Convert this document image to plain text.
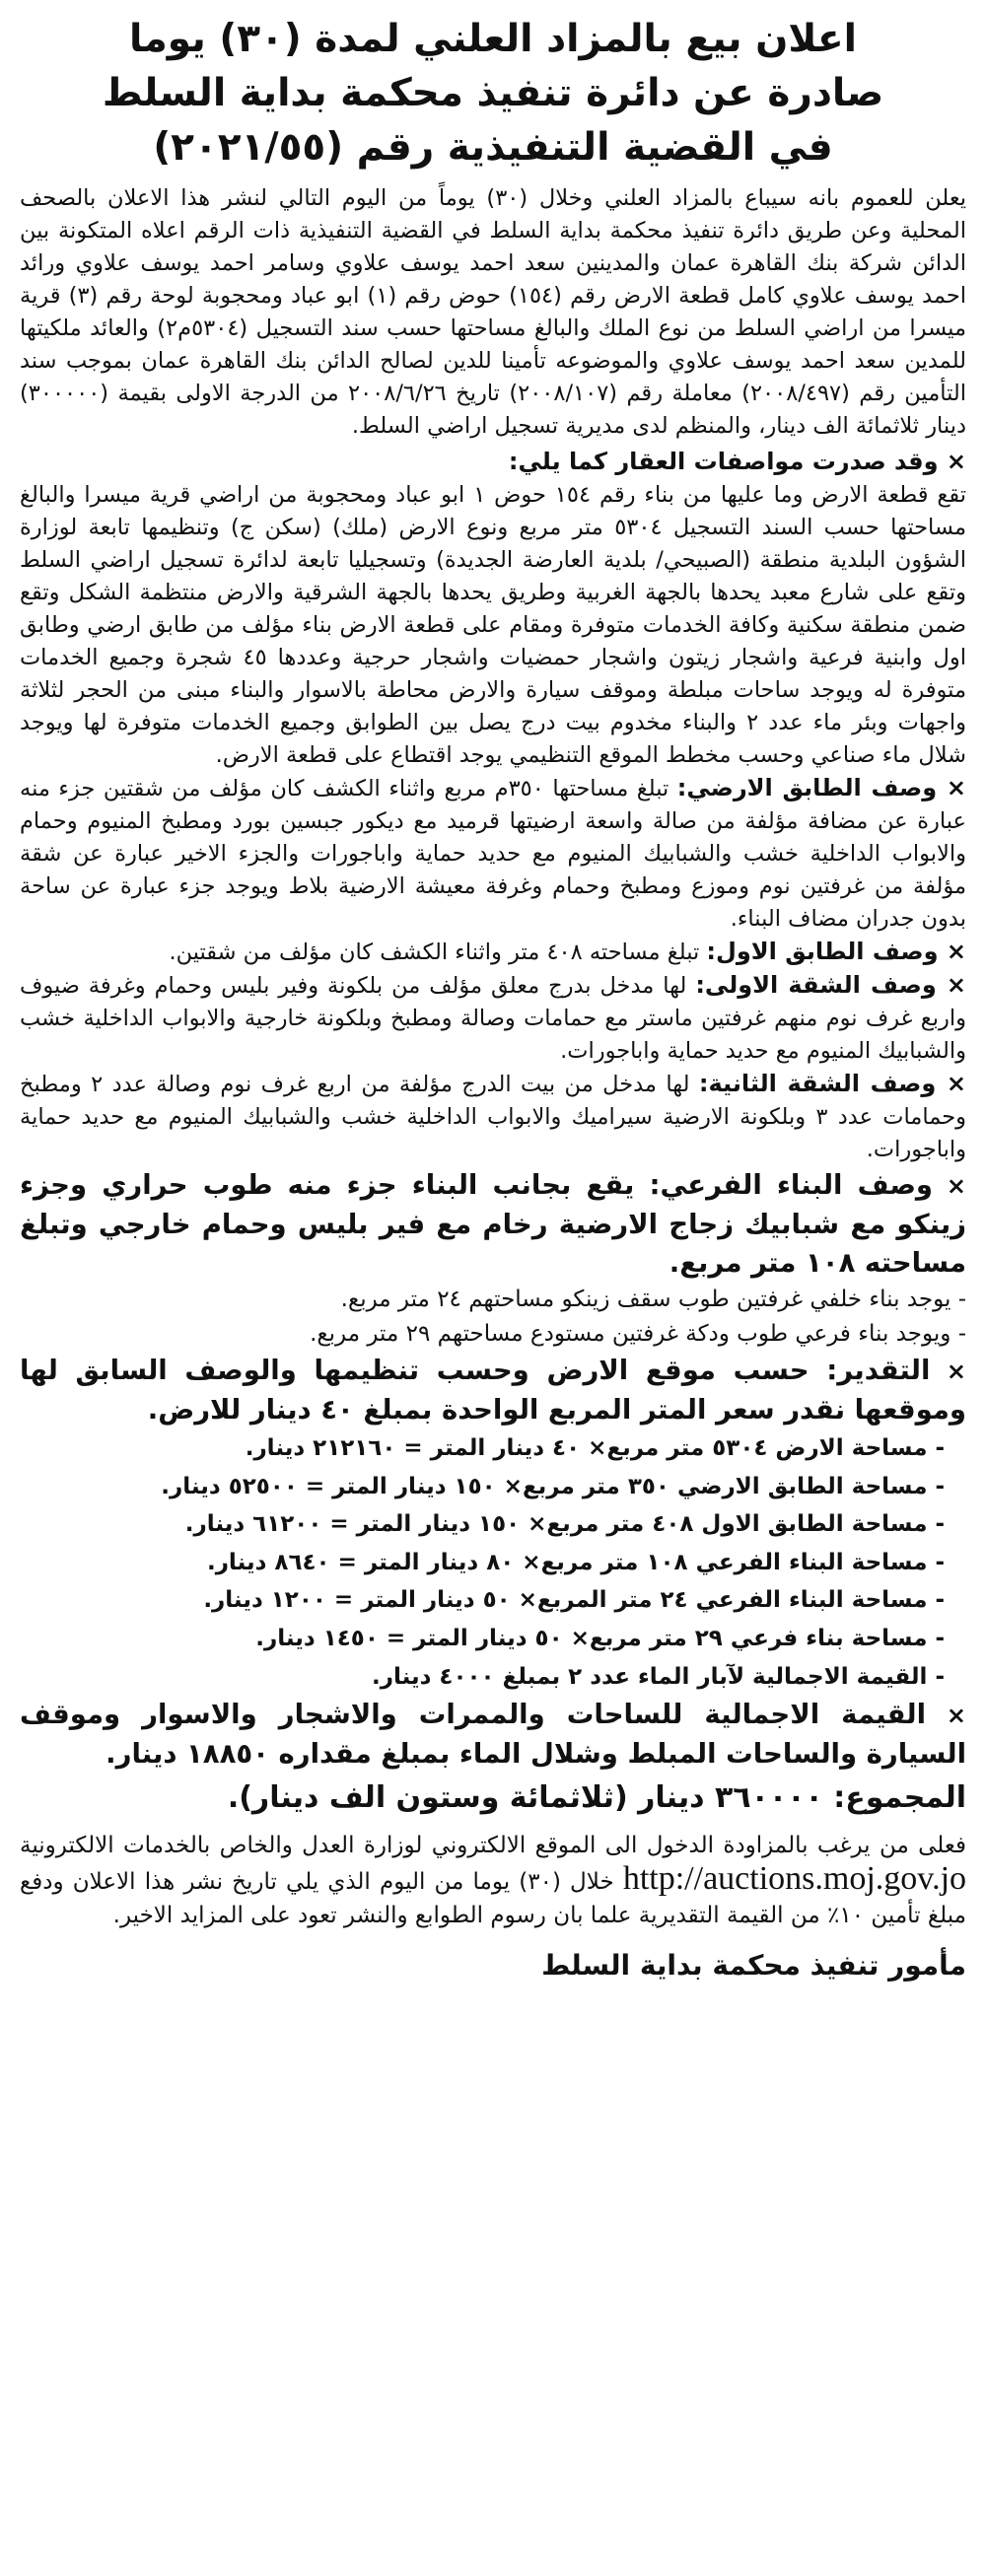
اعلان بيع بالمزاد العلني لمدة (٣٠) يوما
صادرة عن دائرة تنفيذ محكمة بداية السلط
في القضية التنفيذية رقم (٢٠٢١/٥٥)
يعلن للعموم بانه سيباع بالمزاد العلني وخلال (٣٠) يوماً من اليوم التالي لنشر هذا الاعلان بالصحف المحلية وعن طريق دائرة تنفيذ محكمة بداية السلط في القضية التنفيذية ذات الرقم اعلاه المتكونة بين الدائن شركة بنك القاهرة عمان والمدينين سعد احمد يوسف علاوي وسامر احمد يوسف علاوي ورائد احمد يوسف علاوي كامل قطعة الارض رقم (١٥٤) حوض رقم (١) ابو عباد ومحجوبة لوحة رقم (٣) قرية ميسرا من اراضي السلط من نوع الملك والبالغ مساحتها حسب سند التسجيل (٥٣٠٤م٢) والعائد ملكيتها للمدين سعد احمد يوسف علاوي والموضوعه تأمينا للدين لصالح الدائن بنك القاهرة عمان بموجب سند التأمين رقم (٢٠٠٨/٤٩٧) معاملة رقم (٢٠٠٨/١٠٧) تاريخ ٢٠٠٨/٦/٢٦ من الدرجة الاولى بقيمة (٣٠٠٠٠٠) دينار ثلاثمائة الف دينار، والمنظم لدى مديرية تسجيل اراضي السلط.
× وقد صدرت مواصفات العقار كما يلي:
تقع قطعة الارض وما عليها من بناء رقم ١٥٤ حوض ١ ابو عباد ومحجوبة من اراضي قرية ميسرا والبالغ مساحتها حسب السند التسجيل ٥٣٠٤ متر مربع ونوع الارض (ملك) (سكن ج) وتنظيمها تابعة لوزارة الشؤون البلدية منطقة (الصبيحي/ بلدية العارضة الجديدة) وتسجيليا تابعة لدائرة تسجيل اراضي السلط وتقع على شارع معبد يحدها بالجهة الغربية وطريق يحدها بالجهة الشرقية والارض منتظمة الشكل وتقع ضمن منطقة سكنية وكافة الخدمات متوفرة ومقام على قطعة الارض بناء مؤلف من طابق ارضي وطابق اول وابنية فرعية واشجار زيتون واشجار حمضيات واشجار حرجية وعددها ٤٥ شجرة وجميع الخدمات متوفرة له ويوجد ساحات مبلطة وموقف سيارة والارض محاطة بالاسوار والبناء مبنى من الحجر لثلاثة واجهات وبئر ماء عدد ٢ والبناء مخدوم بيت درج يصل بين الطوابق وجميع الخدمات متوفرة لها ويوجد شلال ماء صناعي وحسب مخطط الموقع التنظيمي يوجد اقتطاع على قطعة الارض.
× وصف الطابق الارضي: تبلغ مساحتها ٣٥٠م مربع واثناء الكشف كان مؤلف من شقتين جزء منه عبارة عن مضافة مؤلفة من صالة واسعة ارضيتها قرميد مع ديكور جبسين بورد ومطبخ المنيوم وحمام والابواب الداخلية خشب والشبابيك المنيوم مع حديد حماية واباجورات والجزء الاخير عبارة عن شقة مؤلفة من غرفتين نوم وموزع ومطبخ وحمام وغرفة معيشة الارضية بلاط ويوجد جزء عبارة عن ساحة بدون جدران مضاف البناء.
× وصف الطابق الاول: تبلغ مساحته ٤٠٨ متر واثناء الكشف كان مؤلف من شقتين.
× وصف الشقة الاولى: لها مدخل بدرج معلق مؤلف من بلكونة وفير بليس وحمام وغرفة ضيوف واربع غرف نوم منهم غرفتين ماستر مع حمامات وصالة ومطبخ وبلكونة خارجية والابواب الداخلية خشب والشبابيك المنيوم مع حديد حماية واباجورات.
× وصف الشقة الثانية: لها مدخل من بيت الدرج مؤلفة من اربع غرف نوم وصالة عدد ٢ ومطبخ وحمامات عدد ٣ وبلكونة الارضية سيراميك والابواب الداخلية خشب والشبابيك المنيوم مع حديد حماية واباجورات.
× وصف البناء الفرعي: يقع بجانب البناء جزء منه طوب حراري وجزء زينكو مع شبابيك زجاج الارضية رخام مع فير بليس وحمام خارجي وتبلغ مساحته ١٠٨ متر مربع.
- يوجد بناء خلفي غرفتين طوب سقف زينكو مساحتهم ٢٤ متر مربع.
- ويوجد بناء فرعي طوب ودكة غرفتين مستودع مساحتهم ٢٩ متر مربع.
× التقدير: حسب موقع الارض وحسب تنظيمها والوصف السابق لها وموقعها نقدر سعر المتر المربع الواحدة بمبلغ ٤٠ دينار للارض.
- مساحة الارض ٥٣٠٤ متر مربع× ٤٠ دينار المتر = ٢١٢١٦٠ دينار.
- مساحة الطابق الارضي ٣٥٠ متر مربع× ١٥٠ دينار المتر = ٥٢٥٠٠ دينار.
- مساحة الطابق الاول ٤٠٨ متر مربع× ١٥٠ دينار المتر = ٦١٢٠٠ دينار.
- مساحة البناء الفرعي ١٠٨ متر مربع× ٨٠ دينار المتر = ٨٦٤٠ دينار.
- مساحة البناء الفرعي ٢٤ متر المربع× ٥٠ دينار المتر = ١٢٠٠ دينار.
- مساحة بناء فرعي ٢٩ متر مربع× ٥٠ دينار المتر = ١٤٥٠ دينار.
- القيمة الاجمالية لآبار الماء عدد ٢ بمبلغ ٤٠٠٠ دينار.
× القيمة الاجمالية للساحات والممرات والاشجار والاسوار وموقف السيارة والساحات المبلط وشلال الماء بمبلغ مقداره ١٨٨٥٠ دينار.
المجموع: ٣٦٠٠٠٠ دينار (ثلاثمائة وستون الف دينار).
فعلى من يرغب بالمزاودة الدخول الى الموقع الالكتروني لوزارة العدل والخاص بالخدمات الالكترونية http://auctions.moj.gov.jo خلال (٣٠) يوما من اليوم الذي يلي تاريخ نشر هذا الاعلان ودفع مبلغ تأمين ١٠٪ من القيمة التقديرية علما بان رسوم الطوابع والنشر تعود على المزايد الاخير.
مأمور تنفيذ محكمة بداية السلط
